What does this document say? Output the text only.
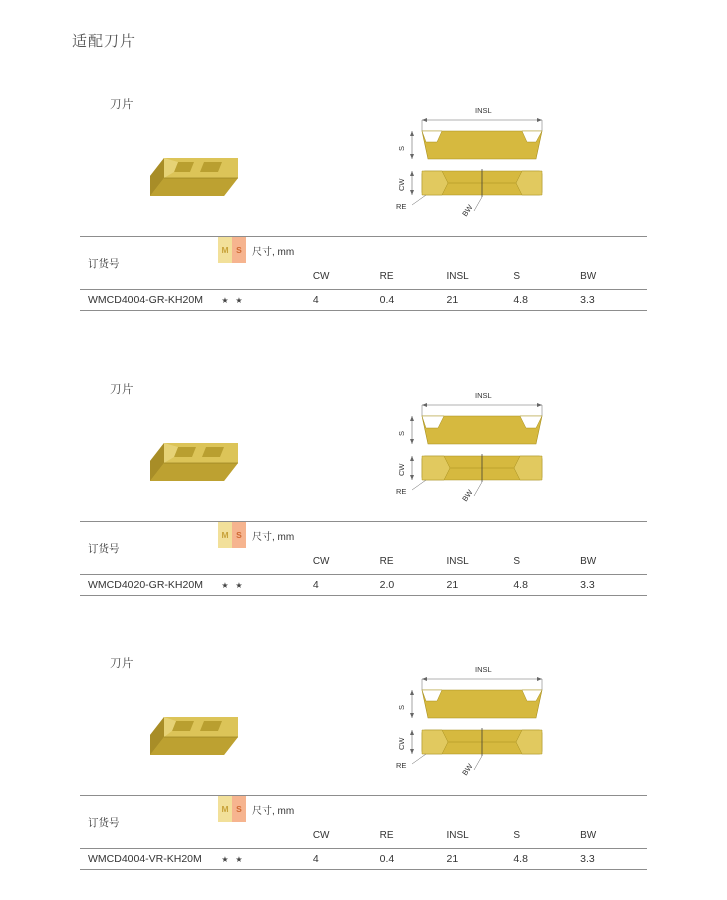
适配刀片
刀片	INSL
S
CW
RE	BW
订货号	M	S	尺寸, mm					
				CW	RE	INSL	S	BW
WMCD4004-GR-KH20M	★	★		4	0.4	21	4.8	3.3
刀片	INSL
S
CW
RE	BW
订货号	M	S	尺寸, mm					
				CW	RE	INSL	S	BW
WMCD4020-GR-KH20M	★	★		4	2.0	21	4.8	3.3
刀片	INSL
S
CW
RE	BW
订货号	M	S	尺寸, mm					
				CW	RE	INSL	S	BW
WMCD4004-VR-KH20M	★	★		4	0.4	21	4.8	3.3
